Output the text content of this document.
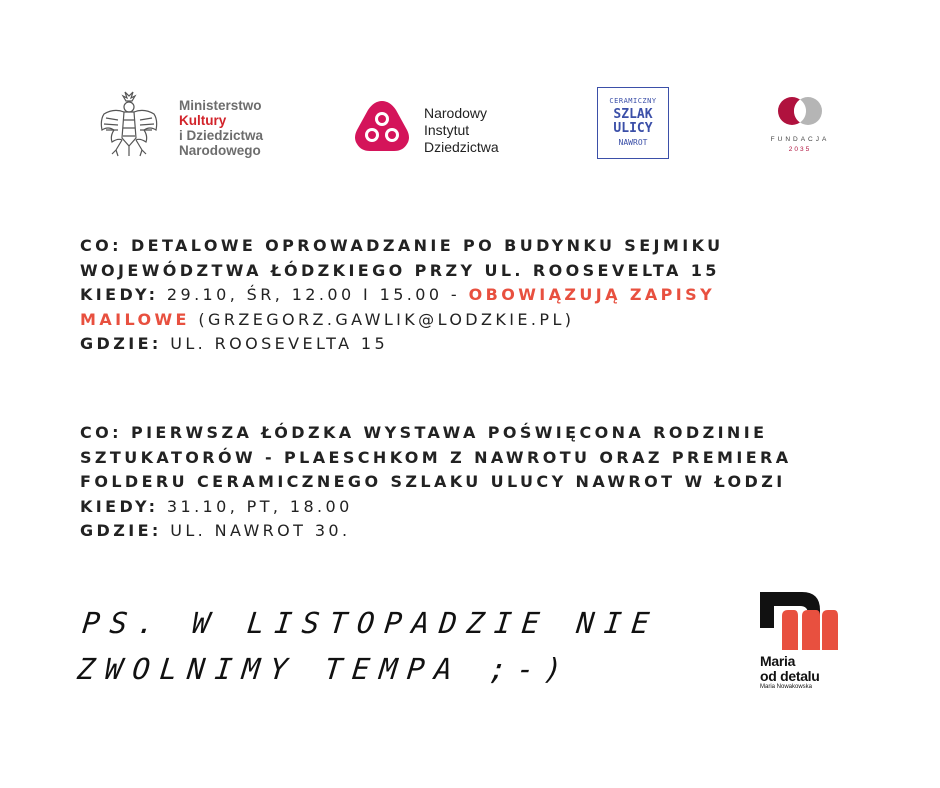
Ministerstwo
Kultury
i Dziedzictwa
Narodowego
Narodowy
Instytut
Dziedzictwa
CERAMICZNY
SZLAK
ULICY
NAWROT	FUNDACJA
2035

CO: DETALOWE OPROWADZANIE PO BUDYNKU SEJMIKU WOJEWÓDZTWA ŁÓDZKIEGO PRZY UL. ROOSEVELTA 15

KIEDY: 29.10, ŚR, 12.00 I 15.00 - OBOWIĄZUJĄ ZAPISY MAILOWE (GRZEGORZ.GAWLIK@LODZKIE.PL)

GDZIE: UL. ROOSEVELTA 15

CO: PIERWSZA ŁÓDZKA WYSTAWA POŚWIĘCONA RODZINIE SZTUKATORÓW - PLAESCHKOM Z NAWROTU ORAZ PREMIERA FOLDERU CERAMICZNEGO SZLAKU ULUCY NAWROT W ŁODZI

KIEDY: 31.10, PT, 18.00

GDZIE: UL. NAWROT 30.

PS. W LISTOPADZIE NIE
ZWOLNIMY TEMPA ;-)	Maria
od detalu
Maria Nowakowska
